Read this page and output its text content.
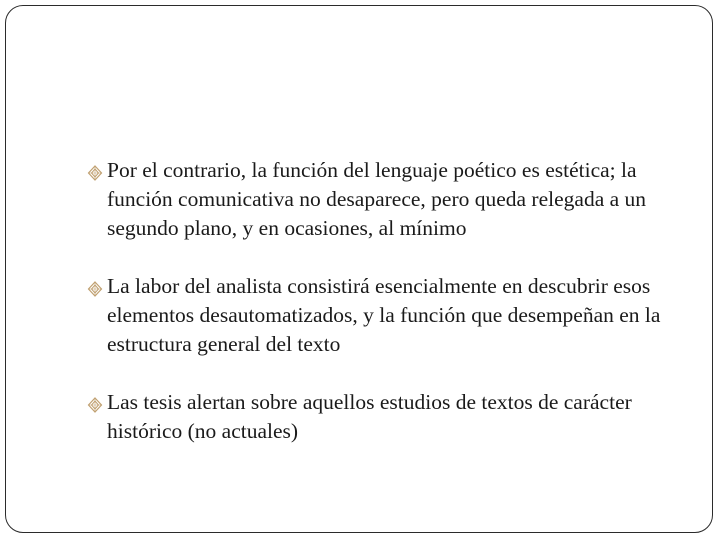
Por el contrario, la función del lenguaje poético es estética; la función comunicativa no desaparece, pero queda relegada a un segundo plano, y en ocasiones, al mínimo
La labor del analista consistirá esencialmente en descubrir esos elementos desautomatizados, y la función que desempeñan en la estructura general del texto
Las tesis alertan sobre aquellos estudios de textos de carácter histórico (no actuales)
